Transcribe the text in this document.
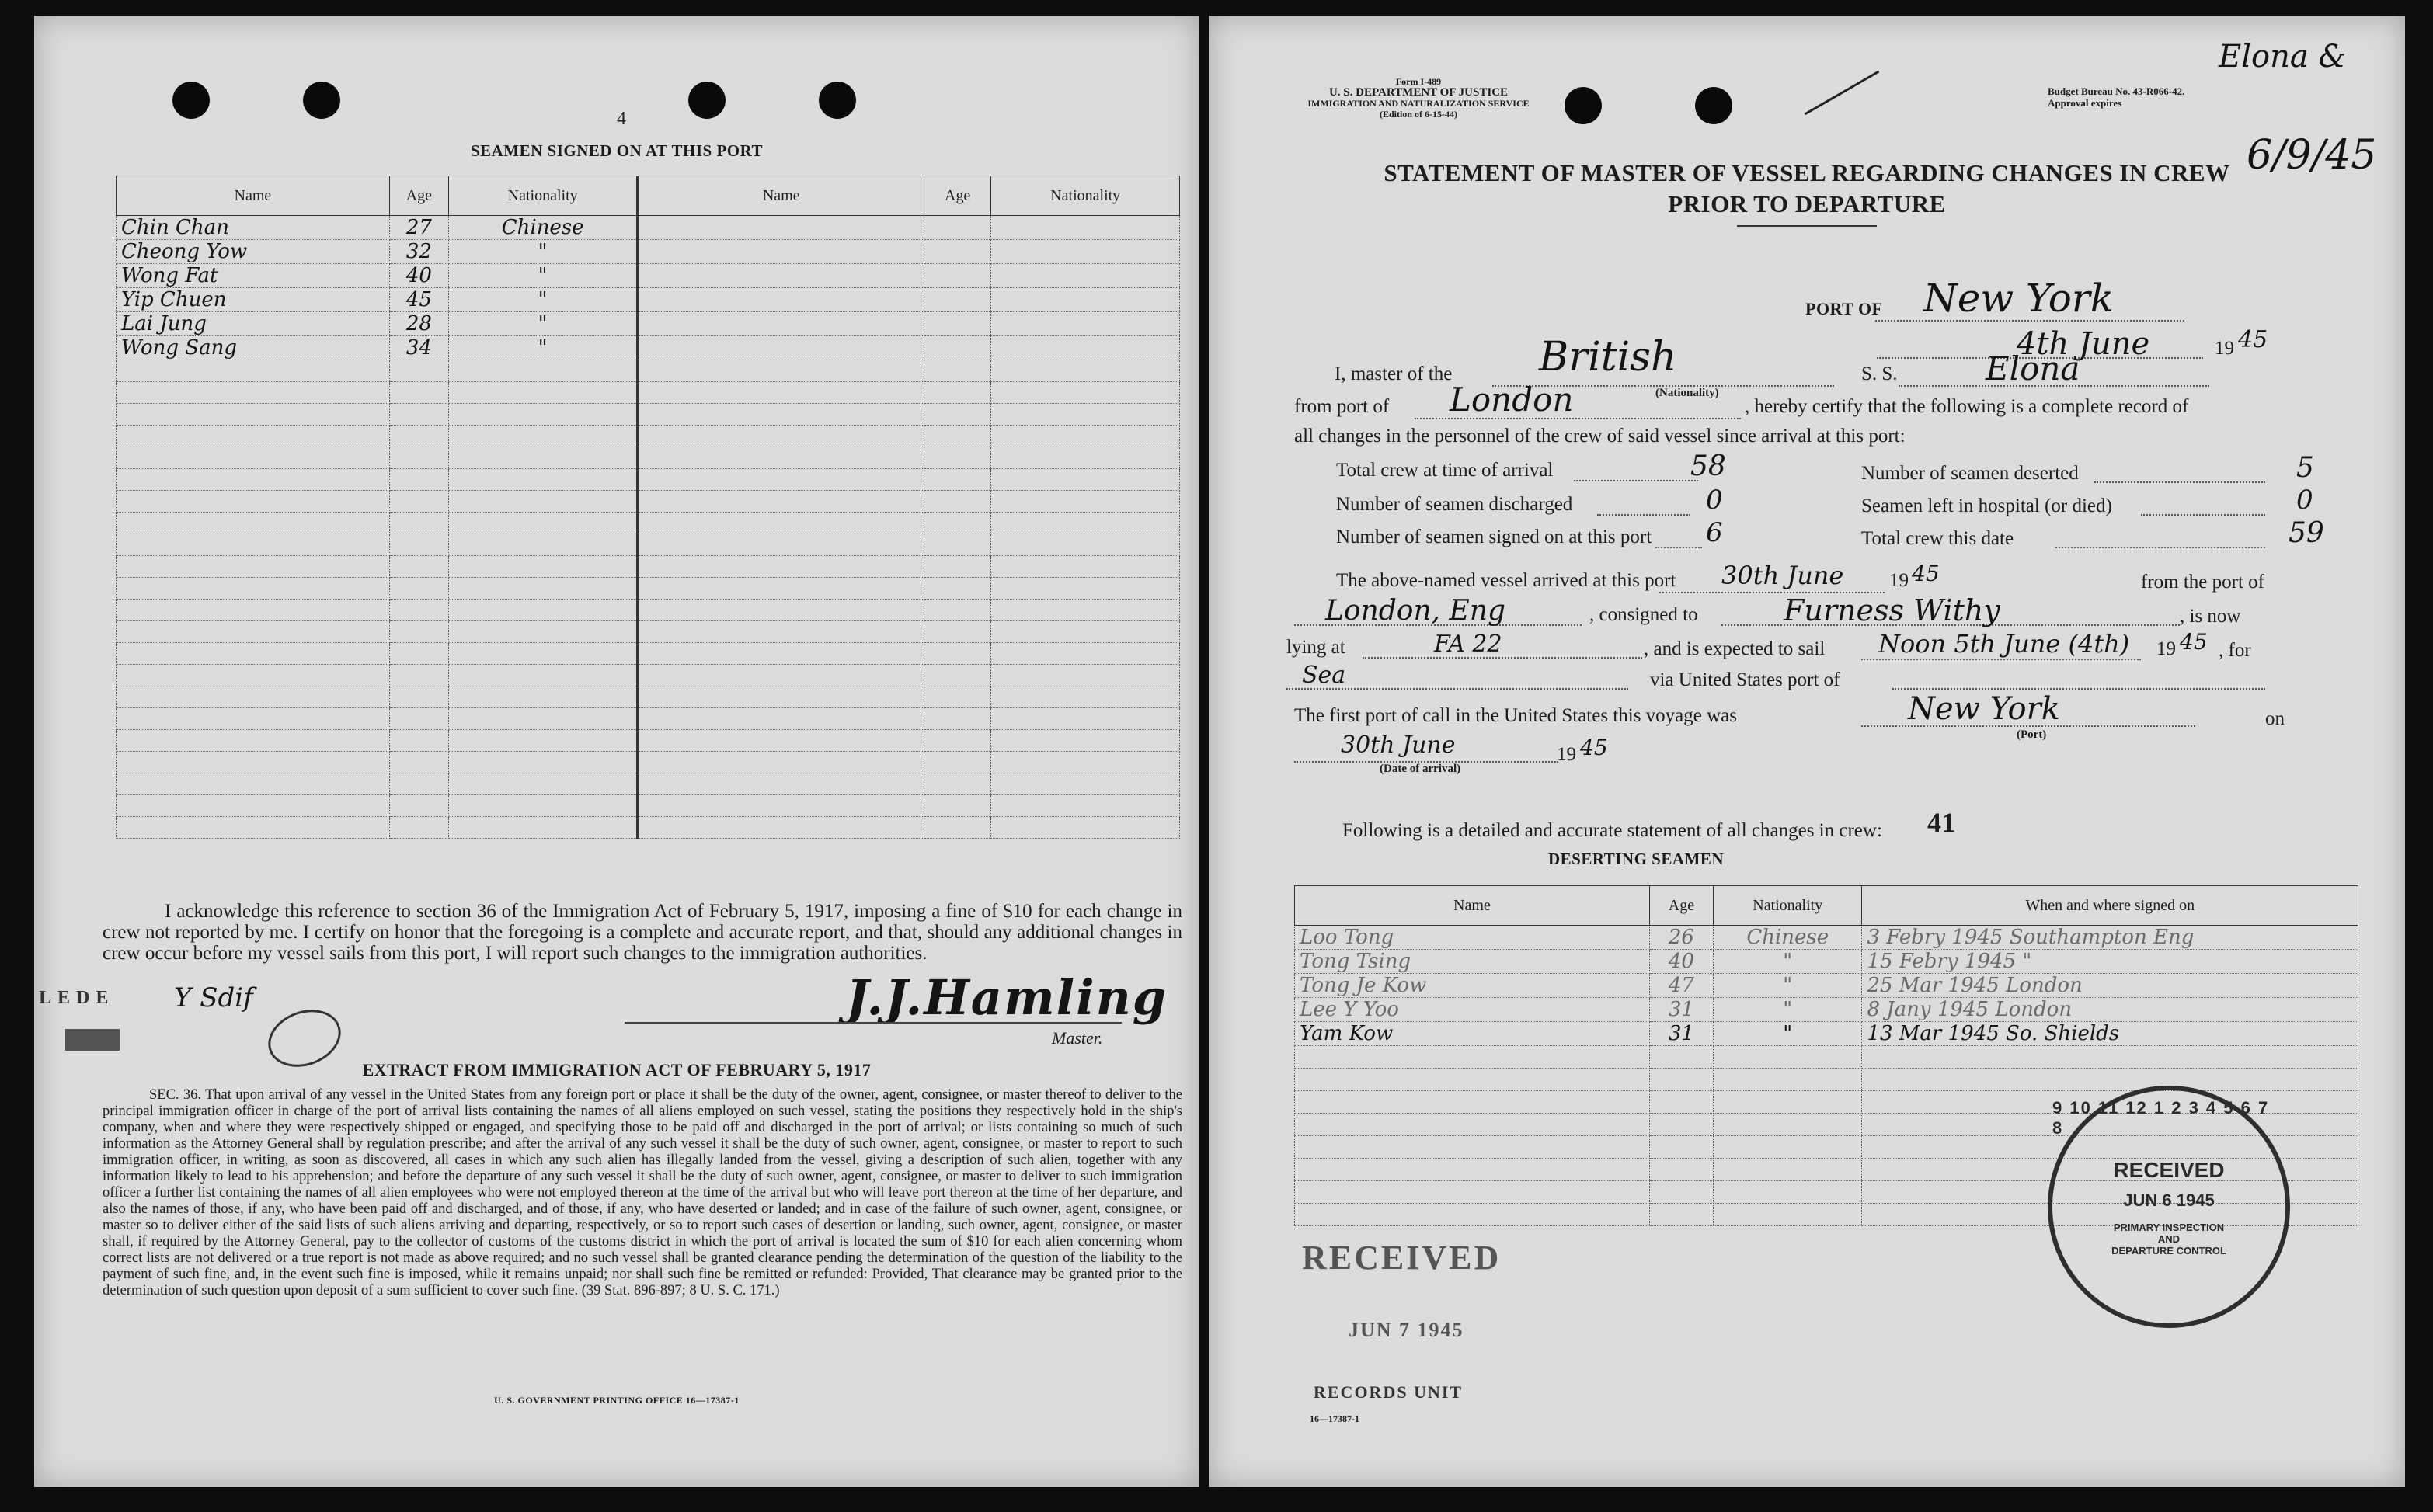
4
SEAMEN SIGNED ON AT THIS PORT
Name	Age	Nationality	Name	Age	Nationality
Chin Chan	27	Chinese			
Cheong Yow	32	"			
Wong Fat	40	"			
Yip Chuen	45	"			
Lai Jung	28	"			
Wong Sang	34	"			

I acknowledge this reference to section 36 of the Immigration Act of February 5, 1917, imposing a fine of $10 for each change in crew not reported by me. I certify on honor that the foregoing is a complete and accurate report, and that, should any additional changes in crew occur before my vessel sails from this port, I will report such changes to the immigration authorities.
LEDE Y Sdif	J.J.Hamling
Master.
EXTRACT FROM IMMIGRATION ACT OF FEBRUARY 5, 1917
SEC. 36. That upon arrival of any vessel in the United States from any foreign port or place it shall be the duty of the owner, agent, consignee, or master thereof to deliver to the principal immigration officer in charge of the port of arrival lists containing the names of all aliens employed on such vessel, stating the positions they respectively hold in the ship's company, when and where they were respectively shipped or engaged, and specifying those to be paid off and discharged in the port of arrival; or lists containing so much of such information as the Attorney General shall by regulation prescribe; and after the arrival of any such vessel it shall be the duty of such owner, agent, consignee, or master to report to such immigration officer, in writing, as soon as discovered, all cases in which any such alien has illegally landed from the vessel, giving a description of such alien, together with any information likely to lead to his apprehension; and before the departure of any such vessel it shall be the duty of such owner, agent, consignee, or master to deliver to such immigration officer a further list containing the names of all alien employees who were not employed thereon at the time of the arrival but who will leave port thereon at the time of her departure, and also the names of those, if any, who have been paid off and discharged, and of those, if any, who have deserted or landed; and in case of the failure of such owner, agent, consignee, or master so to deliver either of the said lists of such aliens arriving and departing, respectively, or so to report such cases of desertion or landing, such owner, agent, consignee, or master shall, if required by the Attorney General, pay to the collector of customs of the customs district in which the port of arrival is located the sum of $10 for each alien concerning whom correct lists are not delivered or a true report is not made as above required; and no such vessel shall be granted clearance pending the determination of the question of the liability to the payment of such fine, and, in the event such fine is imposed, while it remains unpaid; nor shall such fine be remitted or refunded: Provided, That clearance may be granted prior to the determination of such question upon deposit of a sum sufficient to cover such fine. (39 Stat. 896-897; 8 U. S. C. 171.)
U. S. GOVERNMENT PRINTING OFFICE 16—17387-1
Form I-489
U. S. DEPARTMENT OF JUSTICE
IMMIGRATION AND NATURALIZATION SERVICE
(Edition of 6-15-44)
Budget Bureau No. 43-R066-42.
Approval expires
Elona &
6/9/45
STATEMENT OF MASTER OF VESSEL REGARDING CHANGES IN CREW
PRIOR TO DEPARTURE
PORT OF New York
4th June	19 45
I, master of the British
(Nationality)
S. S.	Elona
from port of London	, hereby certify that the following is a complete record of
all changes in the personnel of the crew of said vessel since arrival at this port:
Total crew at time of arrival	58	Number of seamen deserted	5
Number of seamen discharged	0	Seamen left in hospital (or died)	0
Number of seamen signed on at this port 6	Total crew this date	59
The above-named vessel arrived at this port 30th June 19 45	from the port of
London, Eng	, consigned to	Furness Withy	, is now
lying at	FA 22	, and is expected to sail Noon 5th June (4th) 19 45 , for
Sea	via United States port of
The first port of call in the United States this voyage was	New York
(Port)
on
30th June
(Date of arrival)
19 45
Following is a detailed and accurate statement of all changes in crew: 41
DESERTING SEAMEN
Name	Age	Nationality	When and where signed on
Loo Tong	26	Chinese	3 Febry 1945 Southampton Eng
Tong Tsing	40	"	15 Febry 1945 "
Tong Je Kow	47	"	25 Mar 1945 London
Lee Y Yoo	31	"	8 Jany 1945 London
Yam Kow	31	"	13 Mar 1945 So. Shields

RECEIVED
JUN 7 1945
RECORDS UNIT
16—17387-1
9 10 11 12 1 2 3 4 5 6 7 8
RECEIVED
JUN 6 1945
PRIMARY INSPECTION
AND
DEPARTURE CONTROL
